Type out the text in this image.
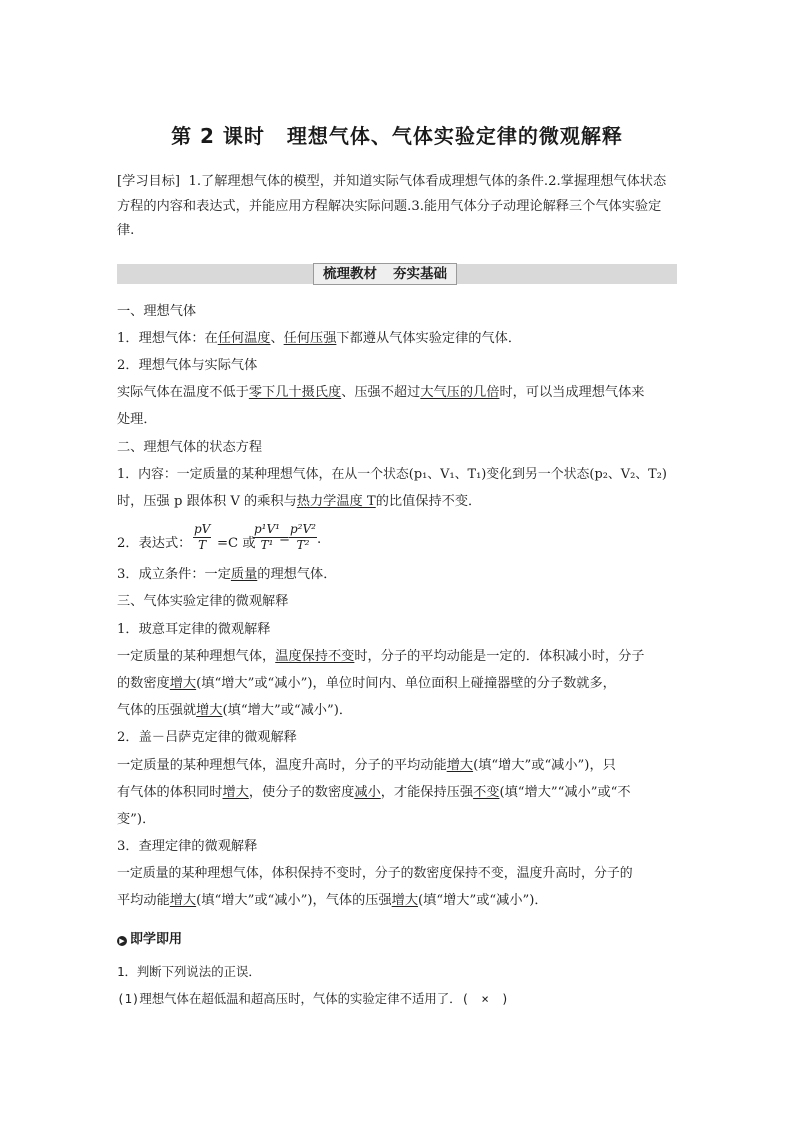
第 2 课时 理想气体、气体实验定律的微观解释
[学习目标] 1.了解理想气体的模型，并知道实际气体看成理想气体的条件.2.掌握理想气体状态方程的内容和表达式，并能应用方程解决实际问题.3.能用气体分子动理论解释三个气体实验定律.
梳理教材 夯实基础
一、理想气体
1．理想气体：在任何温度、任何压强下都遵从气体实验定律的气体．
2．理想气体与实际气体
实际气体在温度不低于零下几十摄氏度、压强不超过大气压的几倍时，可以当成理想气体来
处理．
二、理想气体的状态方程
1．内容：一定质量的某种理想气体，在从一个状态(p₁、V₁、T₁)变化到另一个状态(p₂、V₂、T₂)
时，压强 p 跟体积 V 的乘积与热力学温度 T的比值保持不变．
2．表达式： $\frac{pV}{T} =C$ 或
$\frac{\text{p¹V¹}}{\text{T¹}}$
=
$\frac{\text{p²V²}}{\text{T²}}$ .
3．成立条件：一定质量的理想气体．
三、气体实验定律的微观解释
1．玻意耳定律的微观解释
一定质量的某种理想气体，温度保持不变时，分子的平均动能是一定的．体积减小时，分子
的数密度增大(填“增大”或“减小”)，单位时间内、单位面积上碰撞器壁的分子数就多，
气体的压强就增大(填“增大”或“减小”)．
2．盖－吕萨克定律的微观解释
一定质量的某种理想气体，温度升高时，分子的平均动能增大(填“增大”或“减小”)，只
有气体的体积同时增大，使分子的数密度减小，才能保持压强不变(填“增大”“减小”或“不
变”)．
3．查理定律的微观解释
一定质量的某种理想气体，体积保持不变时，分子的数密度保持不变，温度升高时，分子的
平均动能增大(填“增大”或“减小”)，气体的压强增大(填“增大”或“减小”)．
▶ 即学即用
1．判断下列说法的正误．
(1)理想气体在超低温和超高压时，气体的实验定律不适用了．(　×　)
